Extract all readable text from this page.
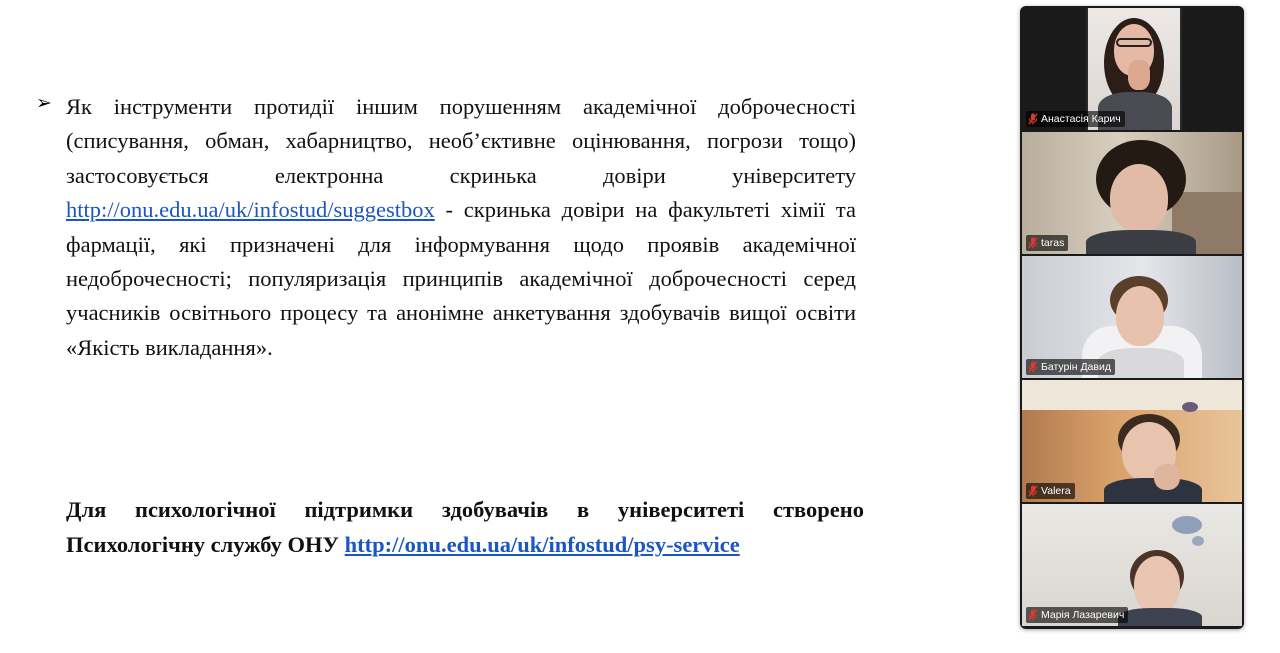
➢ Як інструменти протидії іншим порушенням академічної доброчесності (списування, обман, хабарництво, необ’єктивне оцінювання, погрози тощо) застосовується електронна скринька довіри університету http://onu.edu.ua/uk/infostud/suggestbox - скринька довіри на факультеті хімії та фармації, які призначені для інформування щодо проявів академічної недоброчесності; популяризація принципів академічної доброчесності серед учасників освітнього процесу та анонімне анкетування здобувачів вищої освіти «Якість викладання».
Для психологічної підтримки здобувачів в університеті створено Психологічну службу ОНУ http://onu.edu.ua/uk/infostud/psy-service
Анастасія Карич
taras
Батурін Давид
Valera
Марія Лазаревич
